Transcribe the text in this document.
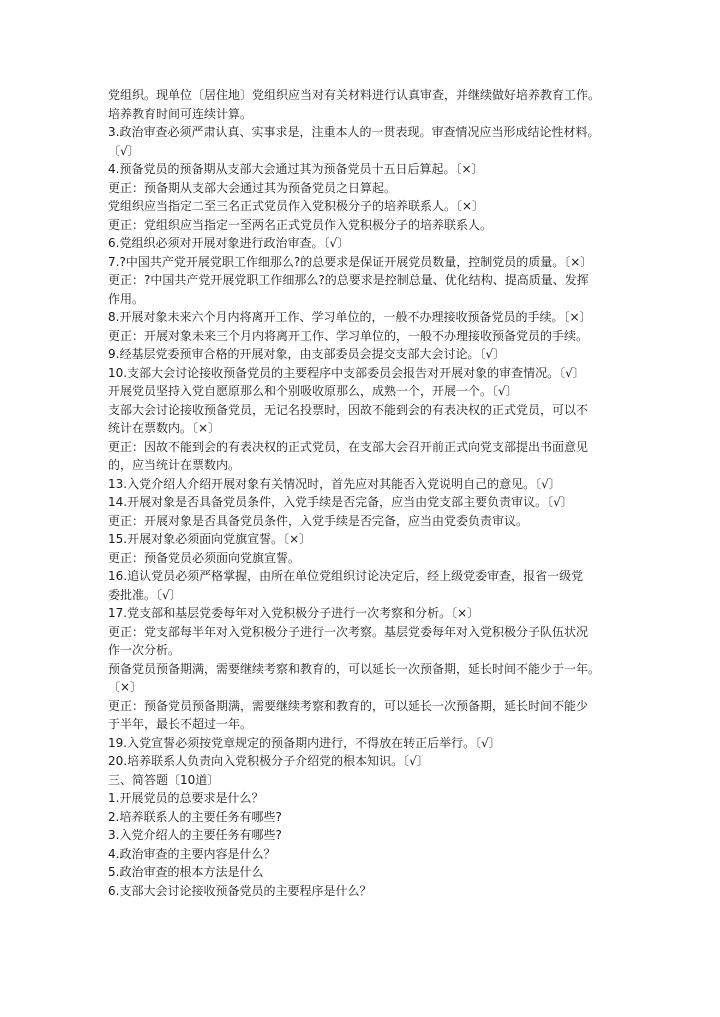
党组织。现单位〔居住地〕党组织应当对有关材料进行认真审查，并继续做好培养教育工作。
培养教育时间可连续计算。
3.政治审查必须严肃认真、实事求是，注重本人的一贯表现。审查情况应当形成结论性材料。
〔√〕
4.预备党员的预备期从支部大会通过其为预备党员十五日后算起。〔×〕
更正：预备期从支部大会通过其为预备党员之日算起。
党组织应当指定二至三名正式党员作入党积极分子的培养联系人。〔×〕
更正：党组织应当指定一至两名正式党员作入党积极分子的培养联系人。
6.党组织必须对开展对象进行政治审查。〔√〕
7.?中国共产党开展党职工作细那么?的总要求是保证开展党员数量，控制党员的质量。〔×〕
更正：?中国共产党开展党职工作细那么?的总要求是控制总量、优化结构、提高质量、发挥
作用。
8.开展对象未来六个月内将离开工作、学习单位的，一般不办理接收预备党员的手续。〔×〕
更正：开展对象未来三个月内将离开工作、学习单位的，一般不办理接收预备党员的手续。
9.经基层党委预审合格的开展对象，由支部委员会提交支部大会讨论。〔√〕
10.支部大会讨论接收预备党员的主要程序中支部委员会报告对开展对象的审查情况。〔√〕
开展党员坚持入党自愿原那么和个别吸收原那么，成熟一个，开展一个。〔√〕
支部大会讨论接收预备党员，无记名投票时，因故不能到会的有表决权的正式党员，可以不
统计在票数内。〔×〕
更正：因故不能到会的有表决权的正式党员，在支部大会召开前正式向党支部提出书面意见
的，应当统计在票数内。
13.入党介绍人介绍开展对象有关情况时，首先应对其能否入党说明自己的意见。〔√〕
14.开展对象是否具备党员条件，入党手续是否完备，应当由党支部主要负责审议。〔√〕
更正：开展对象是否具备党员条件，入党手续是否完备，应当由党委负责审议。
15.开展对象必须面向党旗宣誓。〔×〕
更正：预备党员必须面向党旗宣誓。
16.追认党员必须严格掌握，由所在单位党组织讨论决定后，经上级党委审查，报省一级党
委批准。〔√〕
17.党支部和基层党委每年对入党积极分子进行一次考察和分析。〔×〕
更正：党支部每半年对入党积极分子进行一次考察。基层党委每年对入党积极分子队伍状况
作一次分析。
预备党员预备期满，需要继续考察和教育的，可以延长一次预备期，延长时间不能少于一年。
〔×〕
更正：预备党员预备期满，需要继续考察和教育的，可以延长一次预备期，延长时间不能少
于半年，最长不超过一年。
19.入党宣誓必须按党章规定的预备期内进行，不得放在转正后举行。〔√〕
20.培养联系人负责向入党积极分子介绍党的根本知识。〔√〕
三、简答题〔10道〕
1.开展党员的总要求是什么？
2.培养联系人的主要任务有哪些?
3.入党介绍人的主要任务有哪些?
4.政治审查的主要内容是什么？
5.政治审查的根本方法是什么
6.支部大会讨论接收预备党员的主要程序是什么？
